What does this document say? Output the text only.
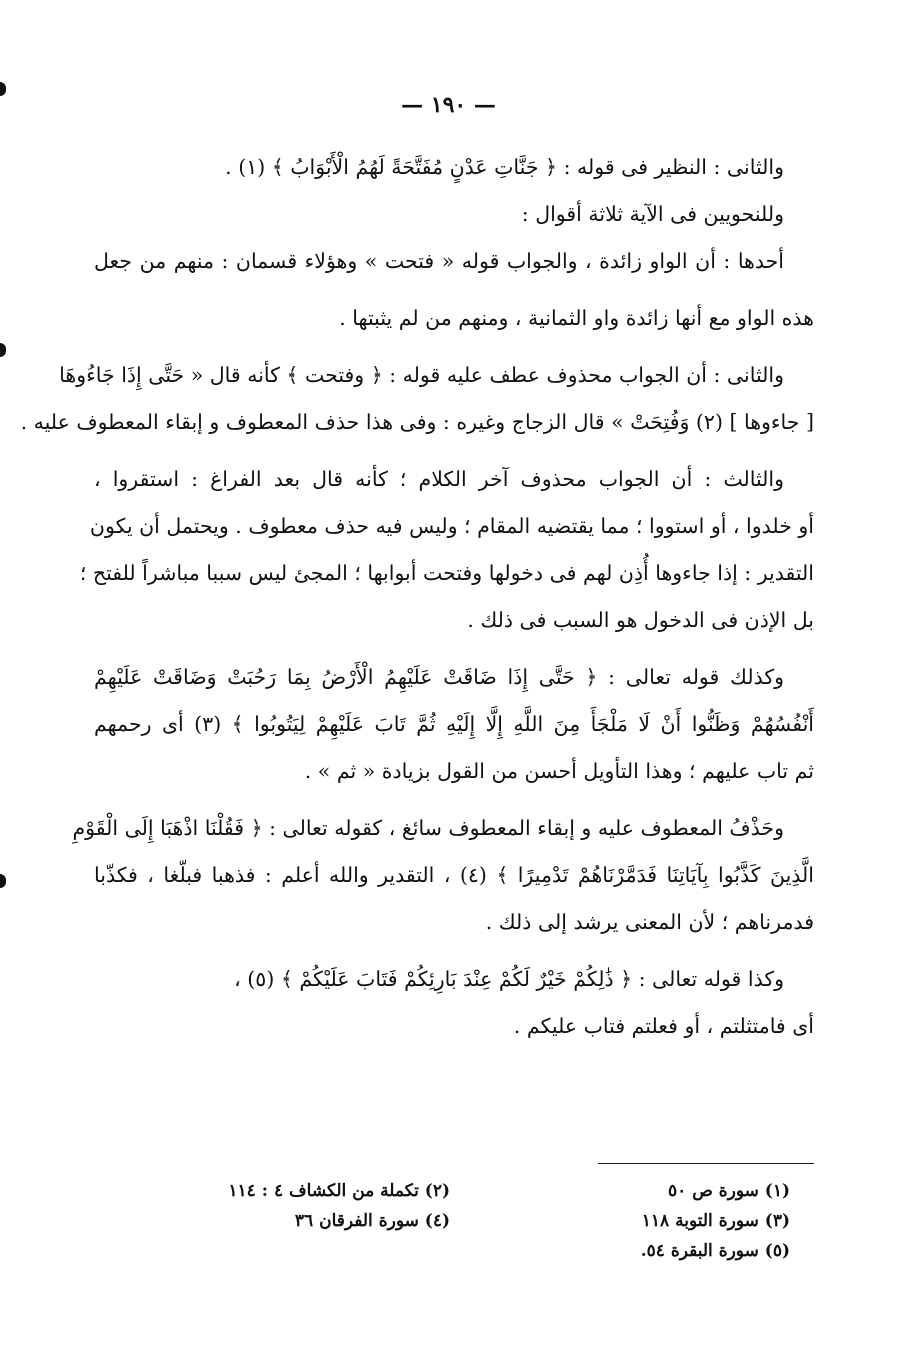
— ١٩٠ —
والثانى : النظير فى قوله : ﴿ جَنَّاتِ عَدْنٍ مُفَتَّحَةً لَهُمُ الْأَبْوَابُ ﴾ (١) .
وللنحويين فى الآية ثلاثة أقوال :
أحدها : أن الواو زائدة ، والجواب قوله « فتحت » وهؤلاء قسمان : منهم من جعل
هذه الواو مع أنها زائدة واو الثمانية ، ومنهم من لم يثبتها .
والثانى : أن الجواب محذوف عطف عليه قوله : ﴿ وفتحت ﴾ كأنه قال « حَتَّى إِذَا جَاءُوهَا
[ جاءوها ] (٢) وَفُتِحَتْ » قال الزجاج وغيره : وفى هذا حذف المعطوف و إبقاء المعطوف عليه .
والثالث : أن الجواب محذوف آخر الكلام ؛ كأنه قال بعد الفراغ : استقروا ،
أو خلدوا ، أو استووا ؛ مما يقتضيه المقام ؛ وليس فيه حذف معطوف . ويحتمل أن يكون
التقدير : إذا جاءوها أُذِن لهم فى دخولها وفتحت أبوابها ؛ المجئ ليس سببا مباشراً للفتح ؛
بل الإذن فى الدخول هو السبب فى ذلك .
وكذلك قوله تعالى : ﴿ حَتَّى إِذَا ضَاقَتْ عَلَيْهِمُ الْأَرْضُ بِمَا رَحُبَتْ وَضَاقَتْ عَلَيْهِمْ
أَنْفُسُهُمْ وَظَنُّوا أَنْ لَا مَلْجَأَ مِنَ اللَّهِ إِلَّا إِلَيْهِ ثُمَّ تَابَ عَلَيْهِمْ لِيَتُوبُوا ﴾ (٣) أى رحمهم
ثم تاب عليهم ؛ وهذا التأويل أحسن من القول بزيادة « ثم » .
وحَذْفُ المعطوف عليه و إبقاء المعطوف سائغ ، كقوله تعالى : ﴿ فَقُلْنَا اذْهَبَا إِلَى الْقَوْمِ
الَّذِينَ كَذَّبُوا بِآيَاتِنَا فَدَمَّرْنَاهُمْ تَدْمِيرًا ﴾ (٤) ، التقدير والله أعلم : فذهبا فبلّغا ، فكذّبا
فدمرناهم ؛ لأن المعنى يرشد إلى ذلك .
وكذا قوله تعالى : ﴿ ذَٰلِكُمْ خَيْرٌ لَكُمْ عِنْدَ بَارِئِكُمْ فَتَابَ عَلَيْكُمْ ﴾ (٥) ،
أى فامتثلتم ، أو فعلتم فتاب عليكم .
(١) سورة ص ٥٠
(٢) تكملة من الكشاف ٤ : ١١٤
(٣) سورة التوبة ١١٨
(٤) سورة الفرقان ٣٦
(٥) سورة البقرة ٥٤.
